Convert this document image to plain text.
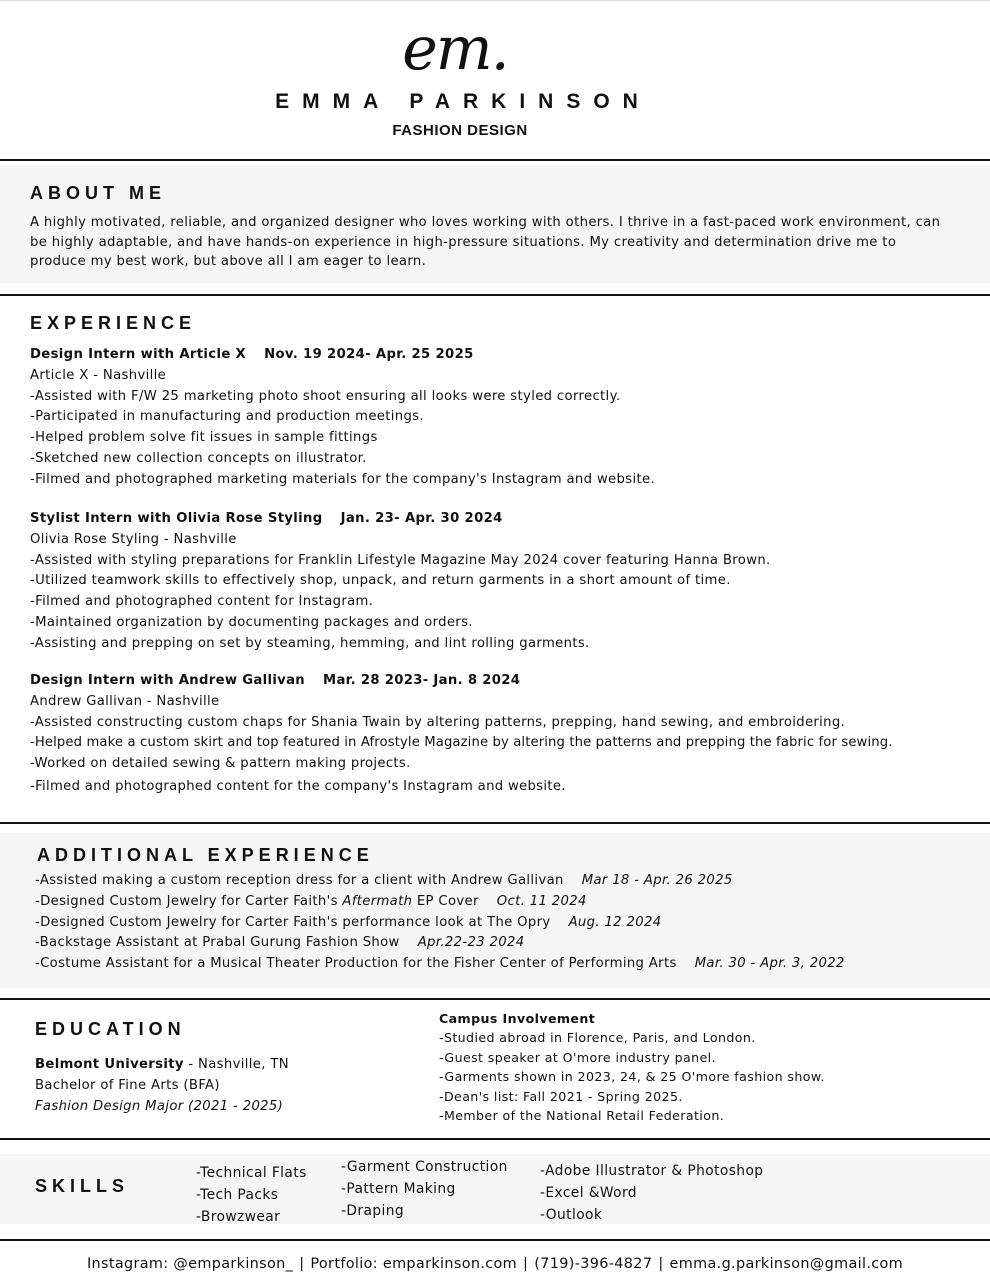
em.
EMMA PARKINSON
FASHION DESIGN
ABOUT ME
A highly motivated, reliable, and organized designer who loves working with others. I thrive in a fast-paced work environment, can be highly adaptable, and have hands-on experience in high-pressure situations. My creativity and determination drive me to produce my best work, but above all I am eager to learn.
EXPERIENCE
Design Intern with Article X Nov. 19 2024- Apr. 25 2025
Article X - Nashville
-Assisted with F/W 25 marketing photo shoot ensuring all looks were styled correctly.
-Participated in manufacturing and production meetings.
-Helped problem solve fit issues in sample fittings
-Sketched new collection concepts on illustrator.
-Filmed and photographed marketing materials for the company's Instagram and website.
Stylist Intern with Olivia Rose Styling Jan. 23- Apr. 30 2024
Olivia Rose Styling - Nashville
-Assisted with styling preparations for Franklin Lifestyle Magazine May 2024 cover featuring Hanna Brown.
-Utilized teamwork skills to effectively shop, unpack, and return garments in a short amount of time.
-Filmed and photographed content for Instagram.
-Maintained organization by documenting packages and orders.
-Assisting and prepping on set by steaming, hemming, and lint rolling garments.
Design Intern with Andrew Gallivan Mar. 28 2023- Jan. 8 2024
Andrew Gallivan - Nashville
-Assisted constructing custom chaps for Shania Twain by altering patterns, prepping, hand sewing, and embroidering.
-Helped make a custom skirt and top featured in Afrostyle Magazine by altering the patterns and prepping the fabric for sewing.
-Worked on detailed sewing & pattern making projects.
-Filmed and photographed content for the company's Instagram and website.
ADDITIONAL EXPERIENCE
-Assisted making a custom reception dress for a client with Andrew Gallivan Mar 18 - Apr. 26 2025
-Designed Custom Jewelry for Carter Faith's Aftermath EP Cover Oct. 11 2024
-Designed Custom Jewelry for Carter Faith's performance look at The Opry Aug. 12 2024
-Backstage Assistant at Prabal Gurung Fashion Show Apr.22-23 2024
-Costume Assistant for a Musical Theater Production for the Fisher Center of Performing Arts Mar. 30 - Apr. 3, 2022
EDUCATION
Belmont University - Nashville, TN
Bachelor of Fine Arts (BFA)
Fashion Design Major (2021 - 2025)
Campus Involvement
-Studied abroad in Florence, Paris, and London.
-Guest speaker at O'more industry panel.
-Garments shown in 2023, 24, & 25 O'more fashion show.
-Dean's list: Fall 2021 - Spring 2025.
-Member of the National Retail Federation.
SKILLS
-Technical Flats
-Tech Packs
-Browzwear
-Garment Construction
-Pattern Making
-Draping
-Adobe Illustrator & Photoshop
-Excel &Word
-Outlook
Instagram: @emparkinson_ | Portfolio: emparkinson.com | (719)-396-4827 | emma.g.parkinson@gmail.com
